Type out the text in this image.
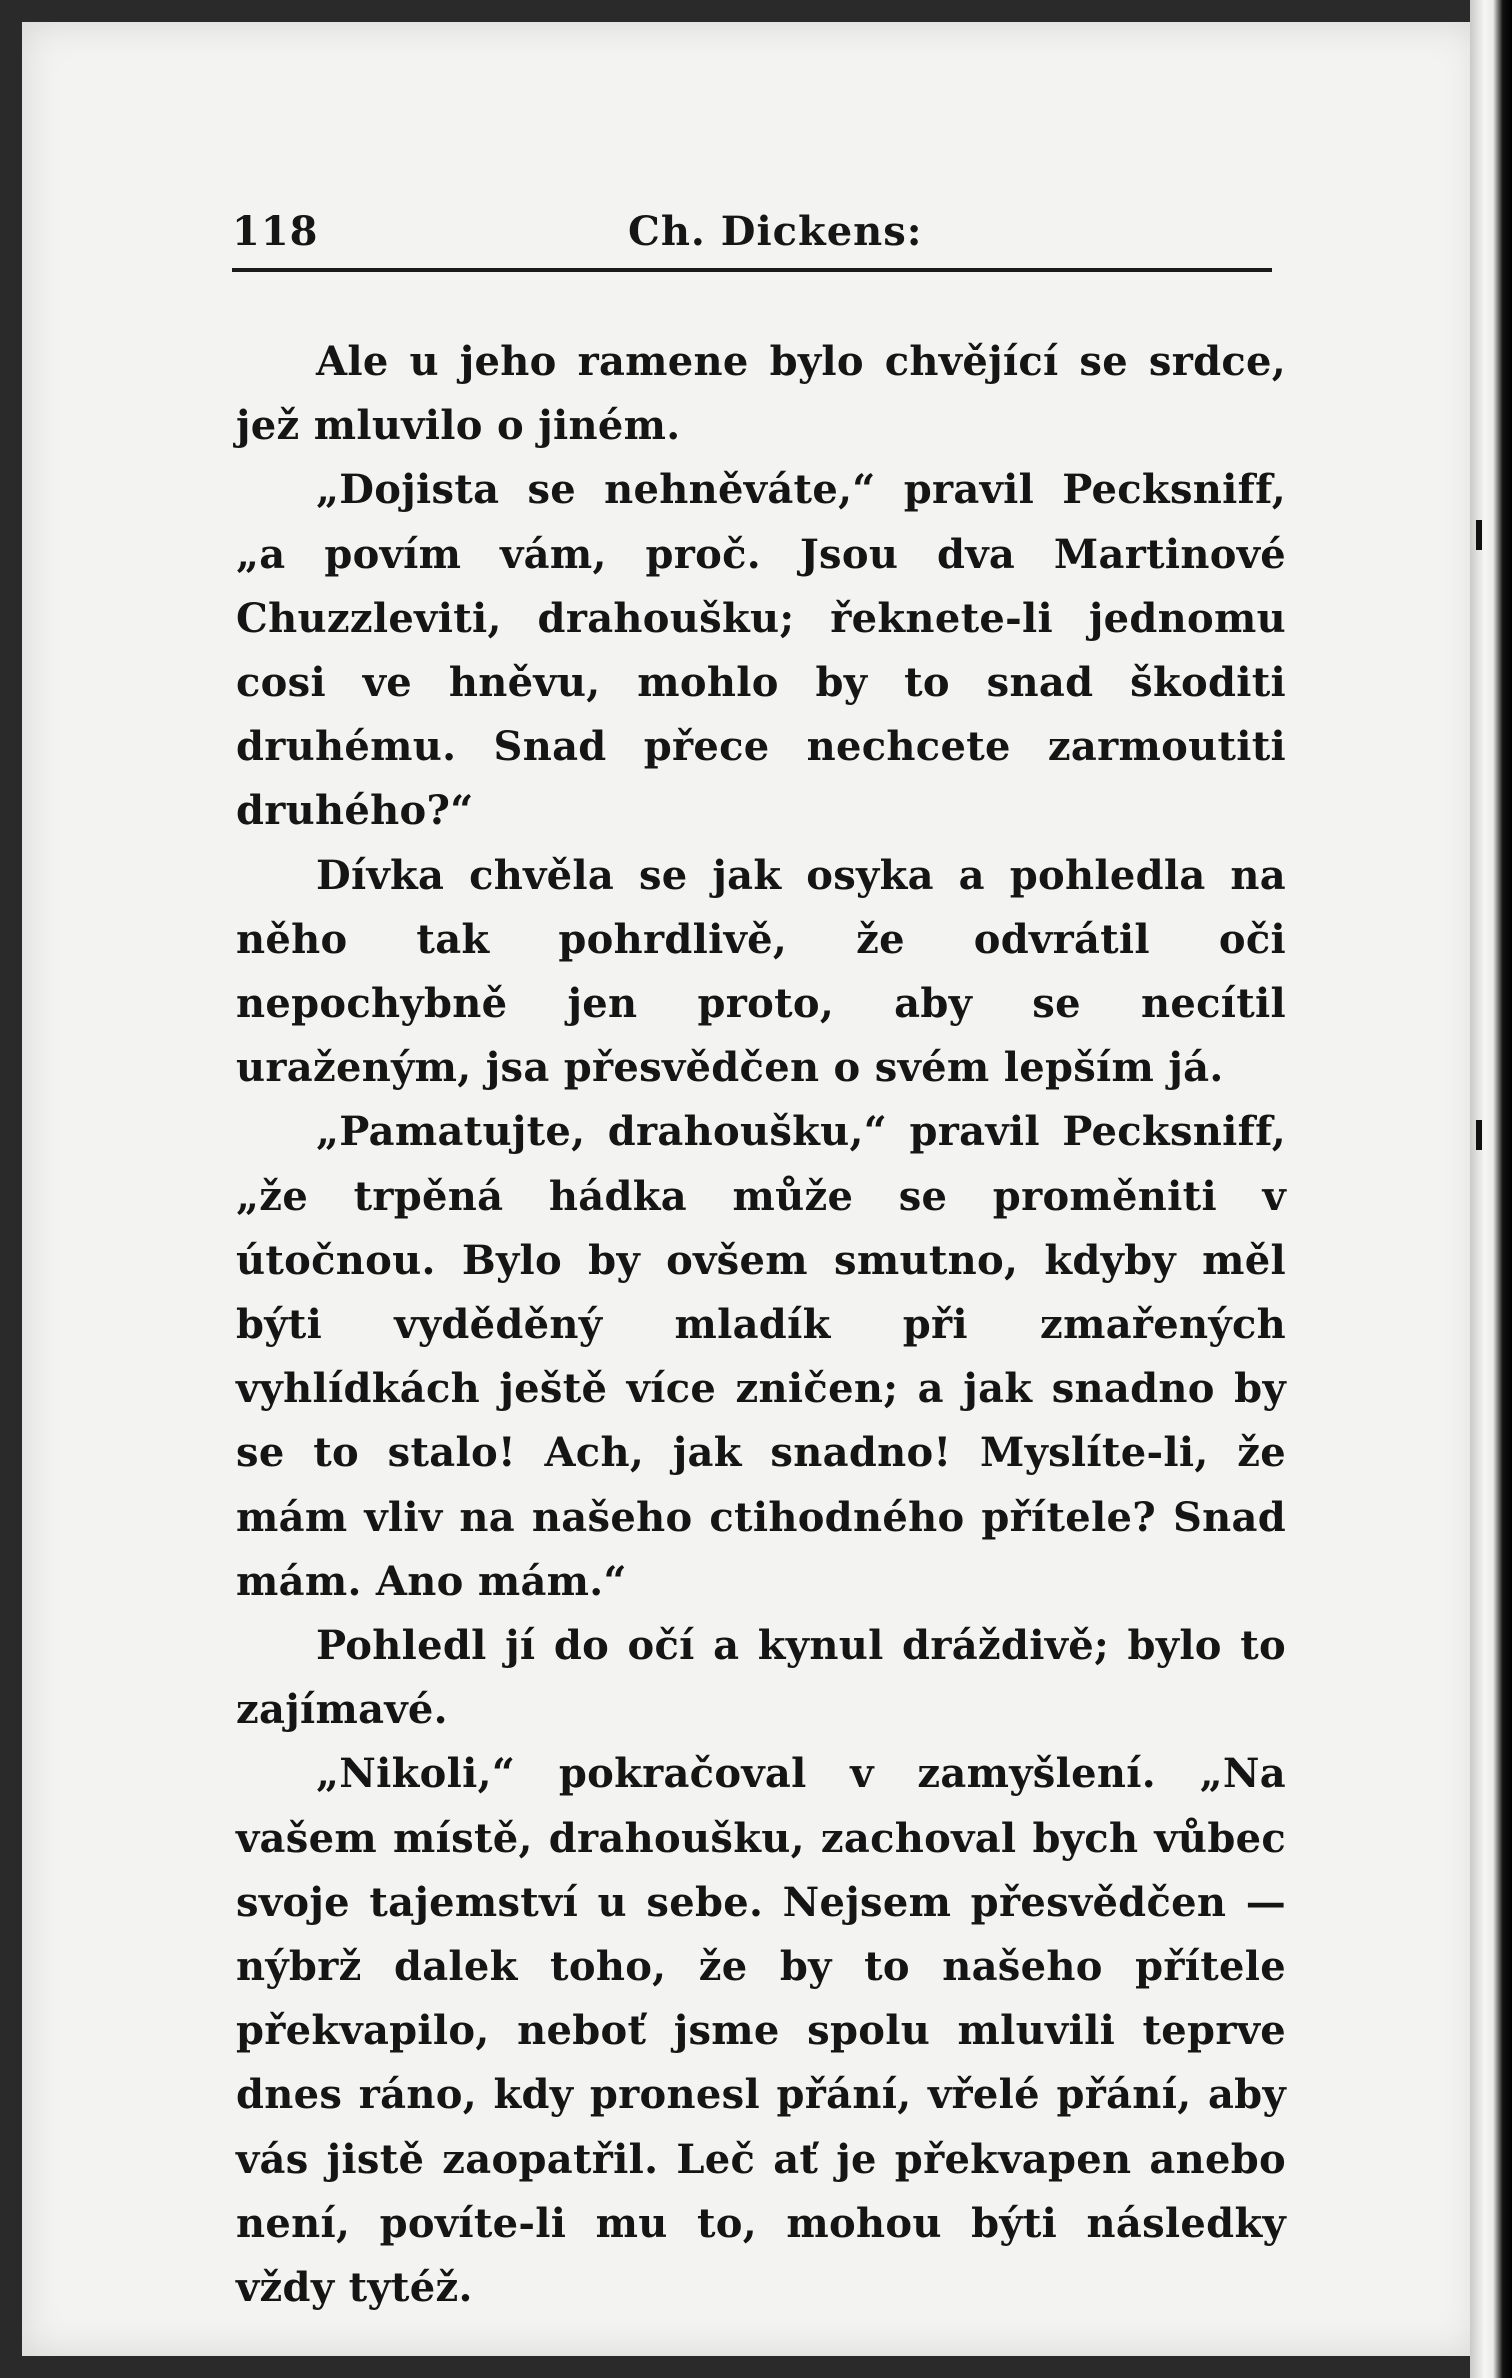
118	Ch. Dickens:

Ale u jeho ramene bylo chvějící se srdce, jež mluvilo o jiném.

„Dojista se nehněváte,“ pravil Pecksniff, „a povím vám, proč. Jsou dva Martinové Chuzzleviti, drahoušku; řeknete-li jednomu cosi ve hněvu, mohlo by to snad škoditi druhému. Snad přece nechcete zarmoutiti druhého?“

Dívka chvěla se jak osyka a pohledla na něho tak pohrdlivě, že odvrátil oči nepochybně jen proto, aby se necítil uraženým, jsa přesvědčen o svém lepším já.

„Pamatujte, drahoušku,“ pravil Pecksniff, „že trpěná hádka může se proměniti v útočnou. Bylo by ovšem smutno, kdyby měl býti vyděděný mladík při zmařených vyhlídkách ještě více zničen; a jak snadno by se to stalo! Ach, jak snadno! Myslíte-li, že mám vliv na našeho ctihodného přítele? Snad mám. Ano mám.“

Pohledl jí do očí a kynul dráždivě; bylo to zajímavé.

„Nikoli,“ pokračoval v zamyšlení. „Na vašem místě, drahoušku, zachoval bych vůbec svoje tajemství u sebe. Nejsem přesvědčen — nýbrž dalek toho, že by to našeho přítele překvapilo, neboť jsme spolu mluvili teprve dnes ráno, kdy pronesl přání, vřelé přání, aby vás jistě zaopatřil. Leč ať je překvapen anebo není, povíte-li mu to, mohou býti následky vždy tytéž.
